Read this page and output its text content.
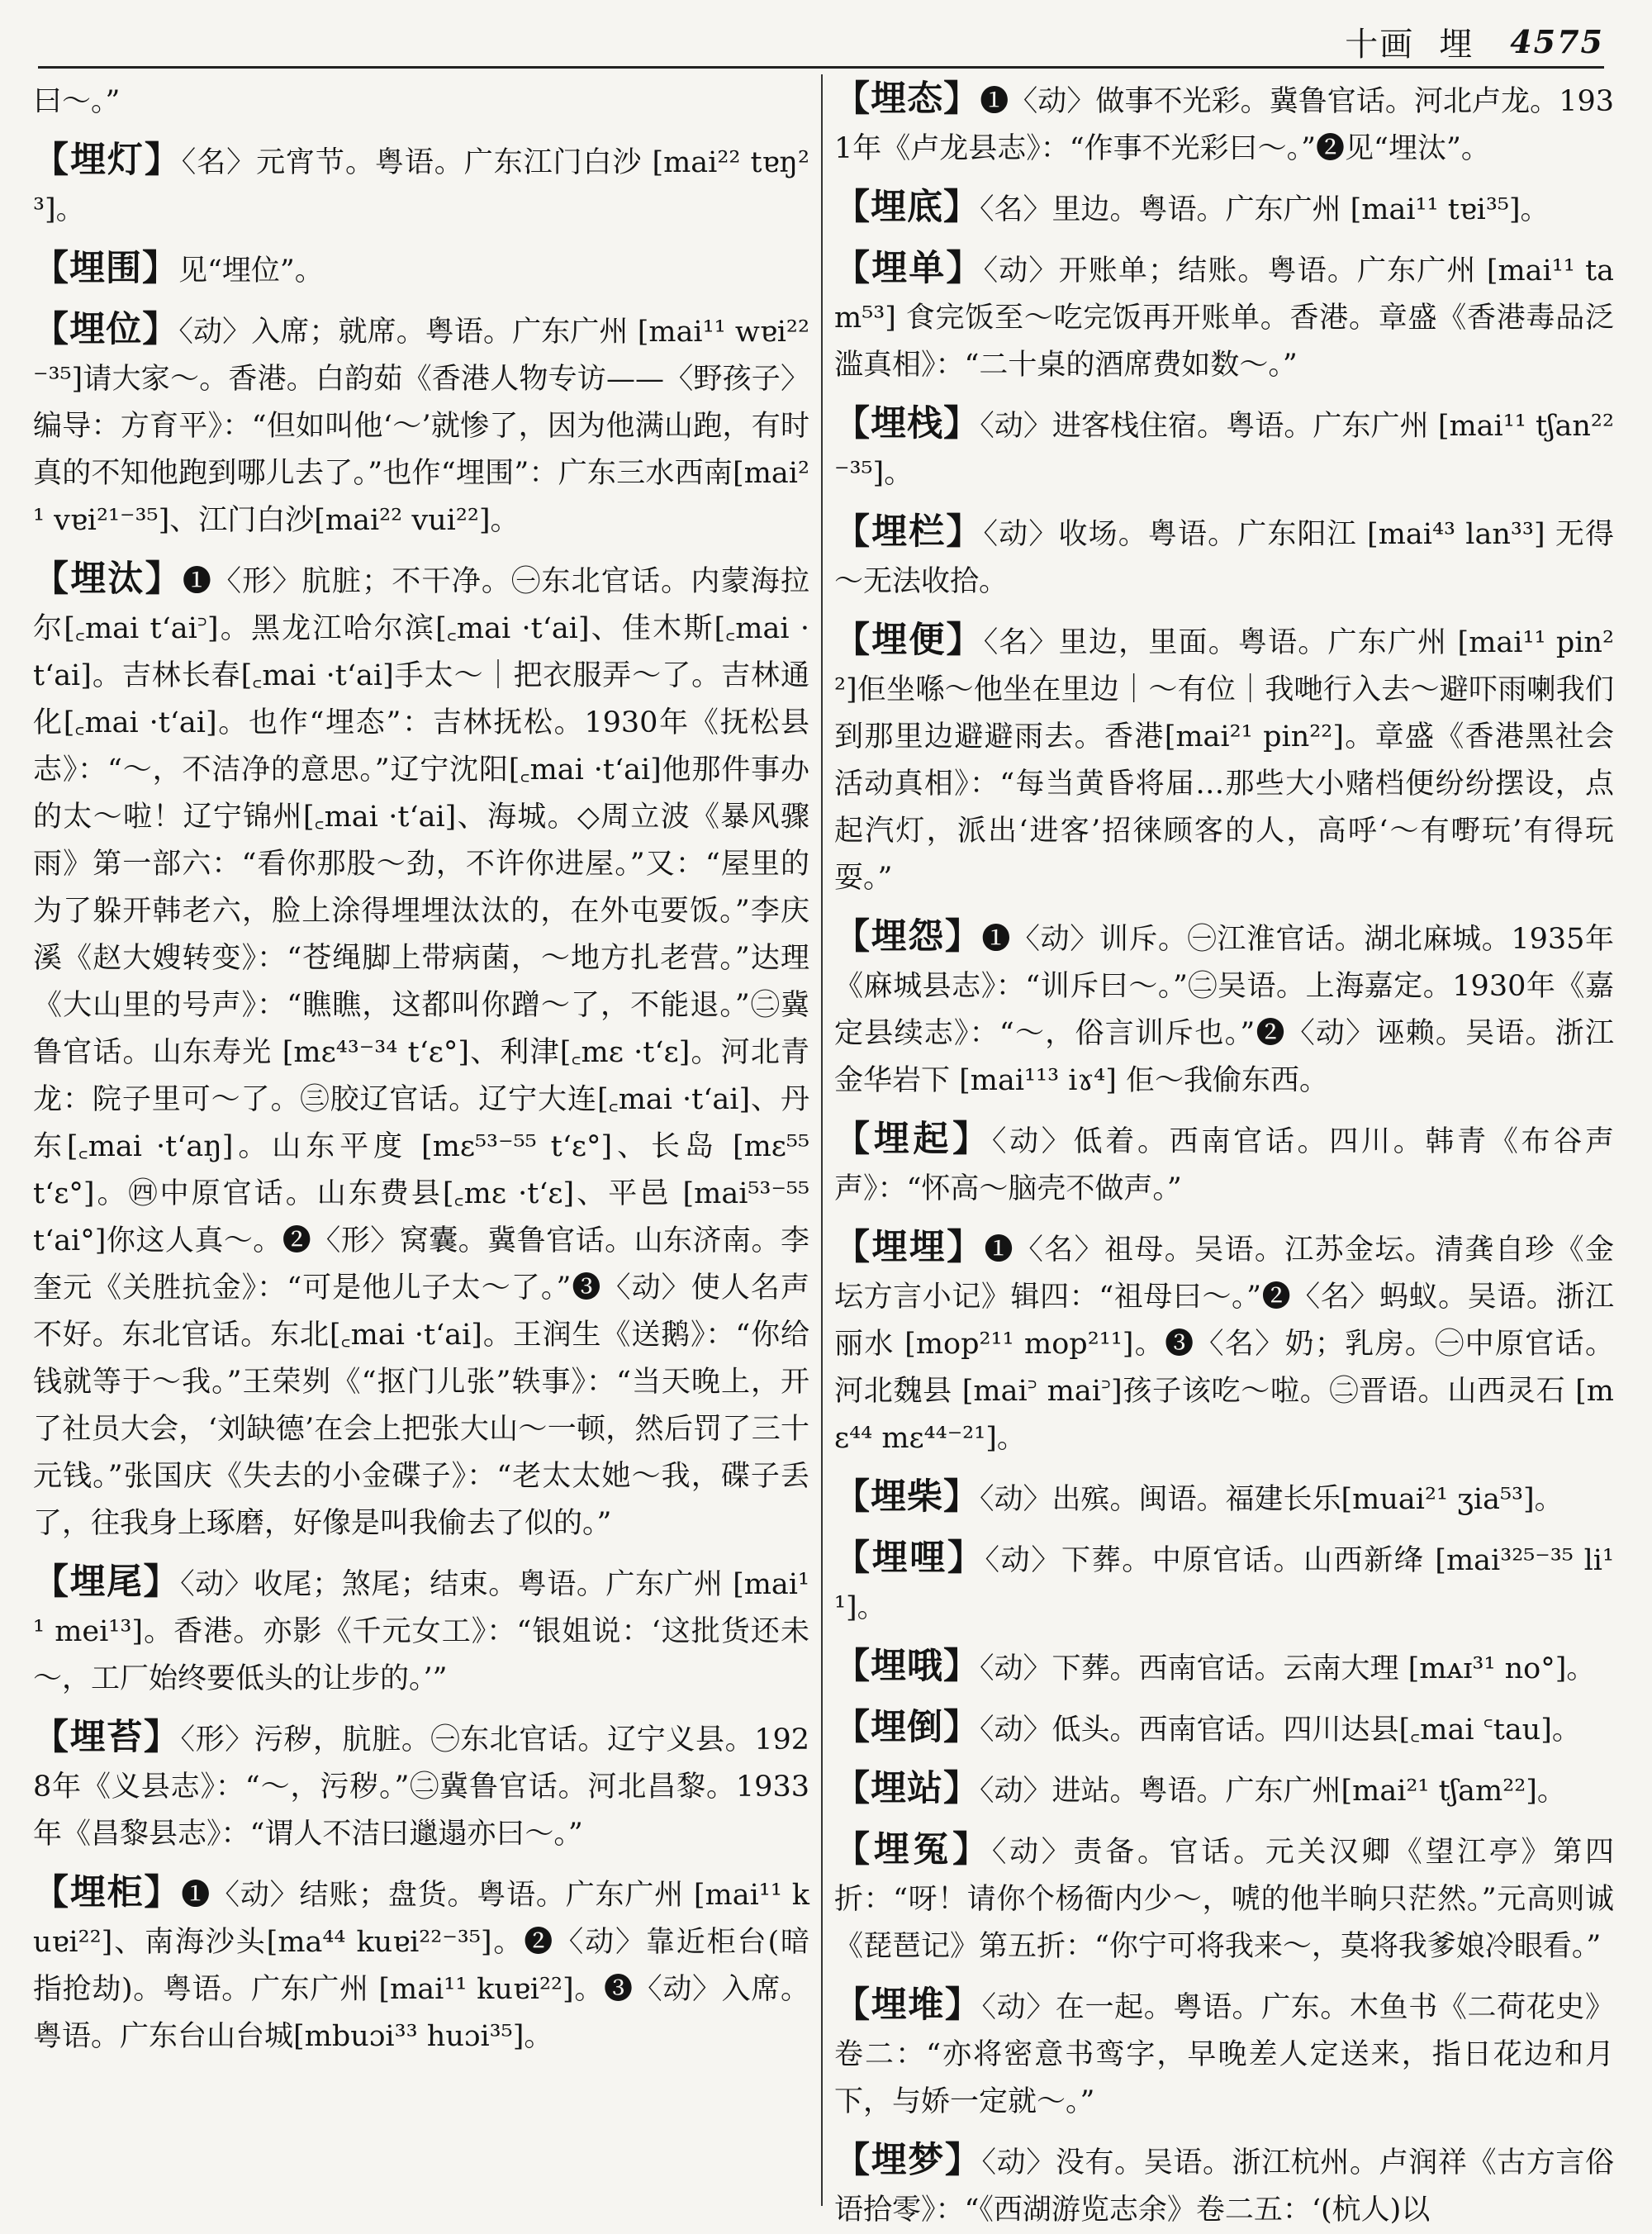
十画 埋 4575

曰～。”

【埋灯】〈名〉元宵节。粤语。广东江门白沙 [mai²² tɐŋ²³]。

【埋围】见“埋位”。

【埋位】〈动〉入席；就席。粤语。广东广州 [mai¹¹ wɐi²²⁻³⁵]请大家～。香港。白韵茹《香港人物专访——〈野孩子〉编导：方育平》：“但如叫他‘～’就惨了，因为他满山跑，有时真的不知他跑到哪儿去了。”也作“埋围”：广东三水西南[mai²¹ vɐi²¹⁻³⁵]、江门白沙[mai²² vui²²]。

【埋汰】❶〈形〉肮脏；不干净。㊀东北官话。内蒙海拉尔[꜀mai t‘ai꜄]。黑龙江哈尔滨[꜀mai ·t‘ai]、佳木斯[꜀mai ·t‘ai]。吉林长春[꜀mai ·t‘ai]手太～｜把衣服弄～了。吉林通化[꜀mai ·t‘ai]。也作“埋态”：吉林抚松。1930年《抚松县志》：“～，不洁净的意思。”辽宁沈阳[꜀mai ·t‘ai]他那件事办的太～啦！辽宁锦州[꜀mai ·t‘ai]、海城。◇周立波《暴风骤雨》第一部六：“看你那股～劲，不许你进屋。”又：“屋里的为了躲开韩老六，脸上涂得埋埋汰汰的，在外屯要饭。”李庆溪《赵大嫂转变》：“苍绳脚上带病菌，～地方扎老营。”达理《大山里的号声》：“瞧瞧，这都叫你蹭～了，不能退。”㊁冀鲁官话。山东寿光 [mɛ⁴³⁻³⁴ t‘ɛ°]、利津[꜀mɛ ·t‘ɛ]。河北青龙：院子里可～了。㊂胶辽官话。辽宁大连[꜀mai ·t‘ai]、丹东[꜀mai ·t‘aŋ]。山东平度 [mɛ⁵³⁻⁵⁵ t‘ɛ°]、长岛 [mɛ⁵⁵ t‘ɛ°]。㊃中原官话。山东费县[꜀mɛ ·t‘ɛ]、平邑 [mai⁵³⁻⁵⁵ t‘ai°]你这人真～。❷〈形〉窝囊。冀鲁官话。山东济南。李奎元《关胜抗金》：“可是他儿子太～了。”❸〈动〉使人名声不好。东北官话。东北[꜀mai ·t‘ai]。王润生《送鹅》：“你给钱就等于～我。”王荣刿《“抠门儿张”轶事》：“当天晚上，开了社员大会，‘刘缺德’在会上把张大山～一顿，然后罚了三十元钱。”张国庆《失去的小金碟子》：“老太太她～我，碟子丢了，往我身上琢磨，好像是叫我偷去了似的。”

【埋尾】〈动〉收尾；煞尾；结束。粤语。广东广州 [mai¹¹ mei¹³]。香港。亦影《千元女工》：“银姐说：‘这批货还未～，工厂始终要低头的让步的。’”

【埋苔】〈形〉污秽，肮脏。㊀东北官话。辽宁义县。1928年《义县志》：“～，污秽。”㊁冀鲁官话。河北昌黎。1933年《昌黎县志》：“谓人不洁曰邋遢亦曰～。”

【埋柜】❶〈动〉结账；盘货。粤语。广东广州 [mai¹¹ kuɐi²²]、南海沙头[ma⁴⁴ kuɐi²²⁻³⁵]。❷〈动〉靠近柜台(暗指抢劫)。粤语。广东广州 [mai¹¹ kuɐi²²]。❸〈动〉入席。粤语。广东台山台城[mbuɔi³³ huɔi³⁵]。

【埋态】❶〈动〉做事不光彩。冀鲁官话。河北卢龙。1931年《卢龙县志》：“作事不光彩曰～。”❷见“埋汰”。

【埋底】〈名〉里边。粤语。广东广州 [mai¹¹ tɐi³⁵]。

【埋单】〈动〉开账单；结账。粤语。广东广州 [mai¹¹ tam⁵³] 食完饭至～吃完饭再开账单。香港。章盛《香港毒品泛滥真相》：“二十桌的酒席费如数～。”

【埋栈】〈动〉进客栈住宿。粤语。广东广州 [mai¹¹ tʃan²²⁻³⁵]。

【埋栏】〈动〉收场。粤语。广东阳江 [mai⁴³ lan³³] 无得～无法收拾。

【埋便】〈名〉里边，里面。粤语。广东广州 [mai¹¹ pin²²]佢坐喺～他坐在里边｜～有位｜我哋行入去～避吓雨喇我们到那里边避避雨去。香港[mai²¹ pin²²]。章盛《香港黑社会活动真相》：“每当黄昏将届…那些大小赌档便纷纷摆设，点起汽灯，派出‘进客’招徕顾客的人，高呼‘～有嘢玩’有得玩耍。”

【埋怨】❶〈动〉训斥。㊀江淮官话。湖北麻城。1935年《麻城县志》：“训斥曰～。”㊁吴语。上海嘉定。1930年《嘉定县续志》：“～，俗言训斥也。”❷〈动〉诬赖。吴语。浙江金华岩下 [mai¹¹³ iɤ⁴] 佢～我偷东西。

【埋起】〈动〉低着。西南官话。四川。韩青《布谷声声》：“怀高～脑壳不做声。”

【埋埋】❶〈名〉祖母。吴语。江苏金坛。清龚自珍《金坛方言小记》辑四：“祖母曰～。”❷〈名〉蚂蚁。吴语。浙江丽水 [mop²¹¹ mop²¹¹]。❸〈名〉奶；乳房。㊀中原官话。河北魏县 [mai꜄ mai꜄]孩子该吃～啦。㊁晋语。山西灵石 [mɛ⁴⁴ mɛ⁴⁴⁻²¹]。

【埋柴】〈动〉出殡。闽语。福建长乐[muai²¹ ʒia⁵³]。

【埋哩】〈动〉下葬。中原官话。山西新绛 [mai³²⁵⁻³⁵ li¹¹]。

【埋哦】〈动〉下葬。西南官话。云南大理 [mᴀɪ³¹ no°]。

【埋倒】〈动〉低头。西南官话。四川达县[꜀mai ꜂tau]。

【埋站】〈动〉进站。粤语。广东广州[mai²¹ tʃam²²]。

【埋冤】〈动〉责备。官话。元关汉卿《望江亭》第四折：“呀！请你个杨衙内少～，唬的他半晌只茫然。”元高则诚《琵琶记》第五折：“你宁可将我来～，莫将我爹娘冷眼看。”

【埋堆】〈动〉在一起。粤语。广东。木鱼书《二荷花史》卷二：“亦将密意书鸾字，早晚差人定送来，指日花边和月下，与娇一定就～。”

【埋梦】〈动〉没有。吴语。浙江杭州。卢润祥《古方言俗语拾零》：“《西湖游览志余》卷二五：‘(杭人)以
